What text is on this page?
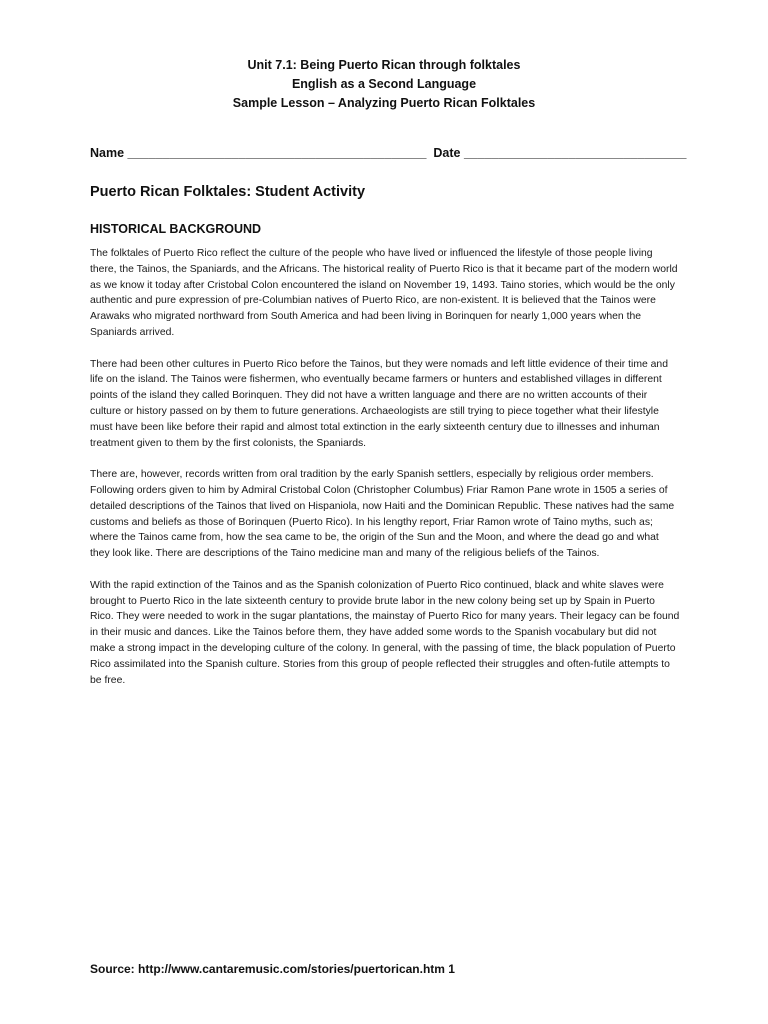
Unit 7.1: Being Puerto Rican through folktales
English as a Second Language
Sample Lesson – Analyzing Puerto Rican Folktales
Name ___________________________________________  Date ________________________________
Puerto Rican Folktales: Student Activity
HISTORICAL BACKGROUND

The folktales of Puerto Rico reflect the culture of the people who have lived or influenced the lifestyle of those people living there, the Tainos, the Spaniards, and the Africans. The historical reality of Puerto Rico is that it became part of the modern world as we know it today after Cristobal Colon encountered the island on November 19, 1493. Taino stories, which would be the only authentic and pure expression of pre-Columbian natives of Puerto Rico, are non-existent. It is believed that the Tainos were Arawaks who migrated northward from South America and had been living in Borinquen for nearly 1,000 years when the Spaniards arrived.

There had been other cultures in Puerto Rico before the Tainos, but they were nomads and left little evidence of their time and life on the island. The Tainos were fishermen, who eventually became farmers or hunters and established villages in different points of the island they called Borinquen. They did not have a written language and there are no written accounts of their culture or history passed on by them to future generations. Archaeologists are still trying to piece together what their lifestyle must have been like before their rapid and almost total extinction in the early sixteenth century due to illnesses and inhuman treatment given to them by the first colonists, the Spaniards.

There are, however, records written from oral tradition by the early Spanish settlers, especially by religious order members. Following orders given to him by Admiral Cristobal Colon (Christopher Columbus) Friar Ramon Pane wrote in 1505 a series of detailed descriptions of the Tainos that lived on Hispaniola, now Haiti and the Dominican Republic. These natives had the same customs and beliefs as those of Borinquen (Puerto Rico). In his lengthy report, Friar Ramon wrote of Taino myths, such as; where the Tainos came from, how the sea came to be, the origin of the Sun and the Moon, and where the dead go and what they look like. There are descriptions of the Taino medicine man and many of the religious beliefs of the Tainos.

With the rapid extinction of the Tainos and as the Spanish colonization of Puerto Rico continued, black and white slaves were brought to Puerto Rico in the late sixteenth century to provide brute labor in the new colony being set up by Spain in Puerto Rico. They were needed to work in the sugar plantations, the mainstay of Puerto Rico for many years. Their legacy can be found in their music and dances. Like the Tainos before them, they have added some words to the Spanish vocabulary but did not make a strong impact in the developing culture of the colony. In general, with the passing of time, the black population of Puerto Rico assimilated into the Spanish culture. Stories from this group of people reflected their struggles and often-futile attempts to be free.

Source: http://www.cantaremusic.com/stories/puertorican.htm 1
